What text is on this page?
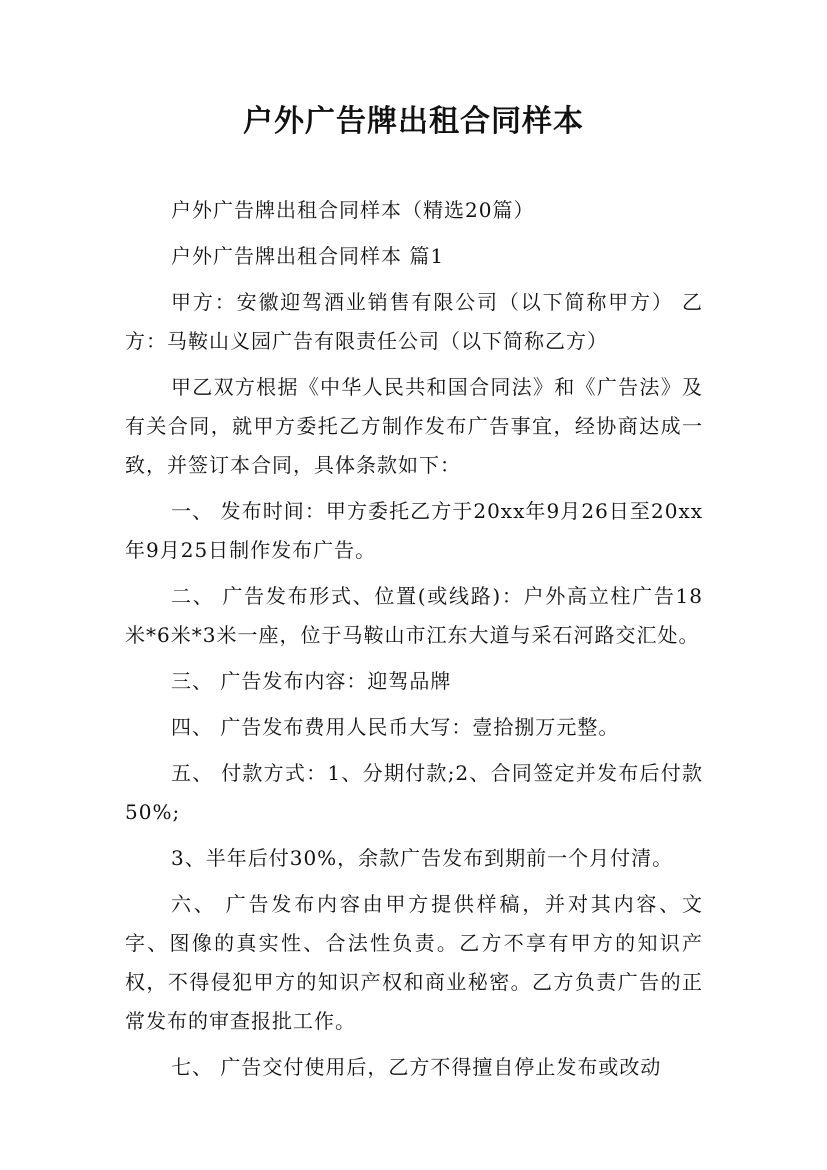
户外广告牌出租合同样本

户外广告牌出租合同样本（精选20篇）

户外广告牌出租合同样本 篇1

甲方：安徽迎驾酒业销售有限公司（以下简称甲方） 乙方：马鞍山义园广告有限责任公司（以下简称乙方）

甲乙双方根据《中华人民共和国合同法》和《广告法》及有关合同，就甲方委托乙方制作发布广告事宜，经协商达成一致，并签订本合同，具体条款如下：

一、 发布时间：甲方委托乙方于20xx年9月26日至20xx年9月25日制作发布广告。

二、 广告发布形式、位置(或线路)：户外高立柱广告18米*6米*3米一座，位于马鞍山市江东大道与采石河路交汇处。

三、 广告发布内容：迎驾品牌

四、 广告发布费用人民币大写：壹拾捌万元整。

五、 付款方式：1、分期付款;2、合同签定并发布后付款50%;

3、半年后付30%，余款广告发布到期前一个月付清。

六、 广告发布内容由甲方提供样稿，并对其内容、文字、图像的真实性、合法性负责。乙方不享有甲方的知识产权，不得侵犯甲方的知识产权和商业秘密。乙方负责广告的正常发布的审查报批工作。

七、 广告交付使用后，乙方不得擅自停止发布或改动
